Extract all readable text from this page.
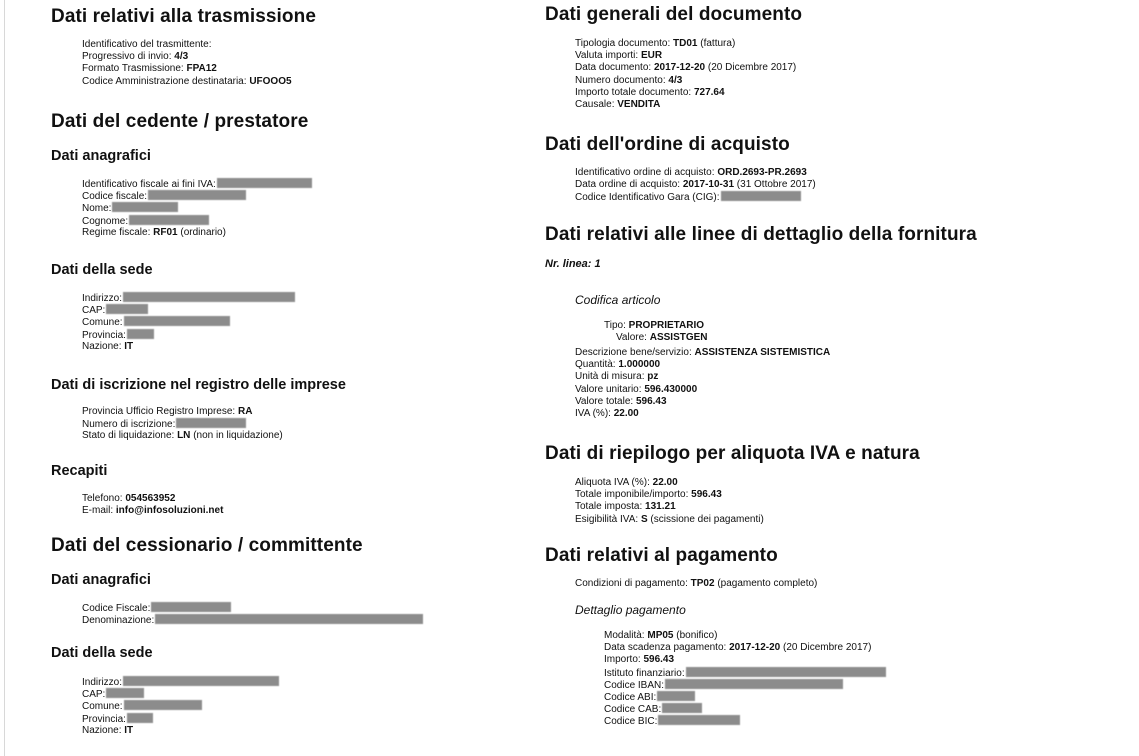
Dati relativi alla trasmissione
Identificativo del trasmittente:
Progressivo di invio: 4/3
Formato Trasmissione: FPA12
Codice Amministrazione destinataria: UFOOO5
Dati del cedente / prestatore
Dati anagrafici
Identificativo fiscale ai fini IVA:
Codice fiscale:
Nome:
Cognome:
Regime fiscale: RF01 (ordinario)
Dati della sede
Indirizzo:
CAP:
Comune:
Provincia:
Nazione: IT
Dati di iscrizione nel registro delle imprese
Provincia Ufficio Registro Imprese: RA
Numero di iscrizione:
Stato di liquidazione: LN (non in liquidazione)
Recapiti
Telefono: 054563952
E-mail: info@infosoluzioni.net
Dati del cessionario / committente
Dati anagrafici
Codice Fiscale:
Denominazione:
Dati della sede
Indirizzo:
CAP:
Comune:
Provincia:
Nazione: IT
Dati generali del documento
Tipologia documento: TD01 (fattura)
Valuta importi: EUR
Data documento: 2017-12-20 (20 Dicembre 2017)
Numero documento: 4/3
Importo totale documento: 727.64
Causale: VENDITA
Dati dell'ordine di acquisto
Identificativo ordine di acquisto: ORD.2693-PR.2693
Data ordine di acquisto: 2017-10-31 (31 Ottobre 2017)
Codice Identificativo Gara (CIG):
Dati relativi alle linee di dettaglio della fornitura
Nr. linea: 1
Codifica articolo
Tipo: PROPRIETARIO
Valore: ASSISTGEN
Descrizione bene/servizio: ASSISTENZA SISTEMISTICA
Quantità: 1.000000
Unità di misura: pz
Valore unitario: 596.430000
Valore totale: 596.43
IVA (%): 22.00
Dati di riepilogo per aliquota IVA e natura
Aliquota IVA (%): 22.00
Totale imponibile/importo: 596.43
Totale imposta: 131.21
Esigibilità IVA: S (scissione dei pagamenti)
Dati relativi al pagamento
Condizioni di pagamento: TP02 (pagamento completo)
Dettaglio pagamento
Modalità: MP05 (bonifico)
Data scadenza pagamento: 2017-12-20 (20 Dicembre 2017)
Importo: 596.43
Istituto finanziario:
Codice IBAN:
Codice ABI:
Codice CAB:
Codice BIC:
